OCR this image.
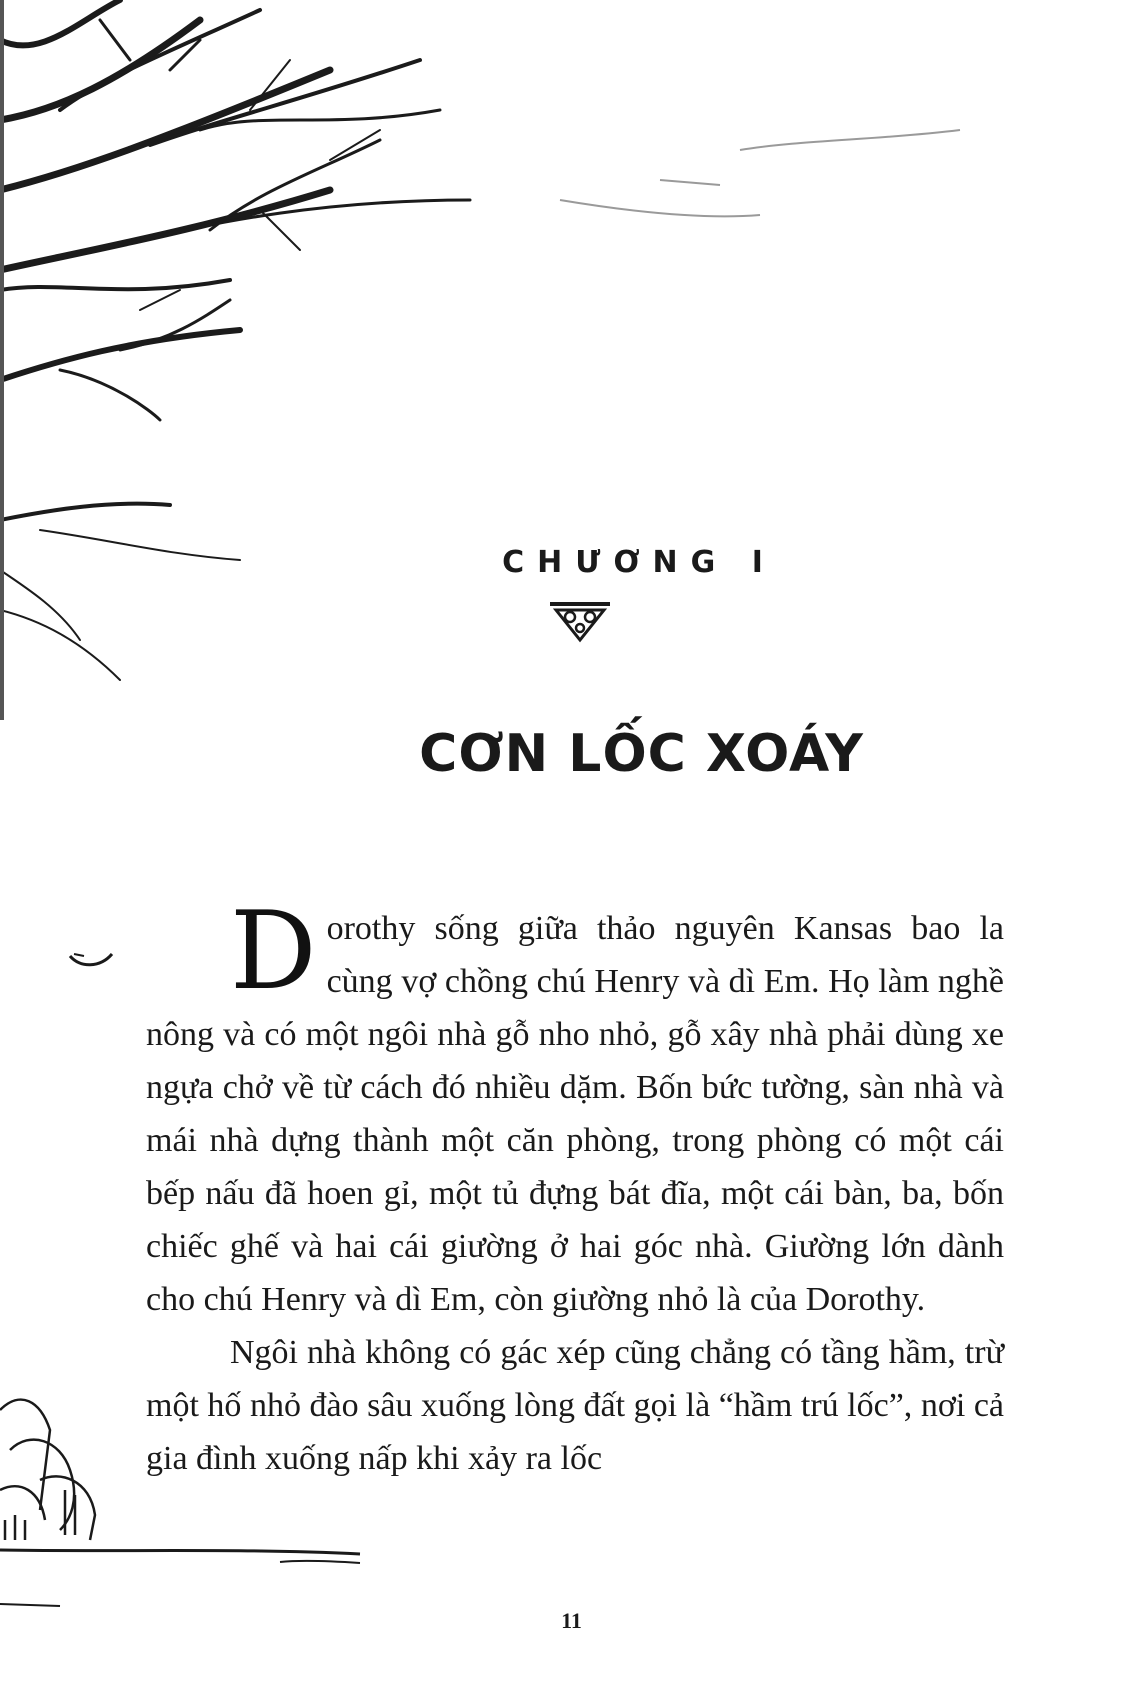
CHƯƠNG I
CƠN LỐC XOÁY

Dorothy sống giữa thảo nguyên Kansas bao la cùng vợ chồng chú Henry và dì Em. Họ làm nghề nông và có một ngôi nhà gỗ nho nhỏ, gỗ xây nhà phải dùng xe ngựa chở về từ cách đó nhiều dặm. Bốn bức tường, sàn nhà và mái nhà dựng thành một căn phòng, trong phòng có một cái bếp nấu đã hoen gỉ, một tủ đựng bát đĩa, một cái bàn, ba, bốn chiếc ghế và hai cái giường ở hai góc nhà. Giường lớn dành cho chú Henry và dì Em, còn giường nhỏ là của Dorothy.

Ngôi nhà không có gác xép cũng chẳng có tầng hầm, trừ một hố nhỏ đào sâu xuống lòng đất gọi là “hầm trú lốc”, nơi cả gia đình xuống nấp khi xảy ra lốc

11
